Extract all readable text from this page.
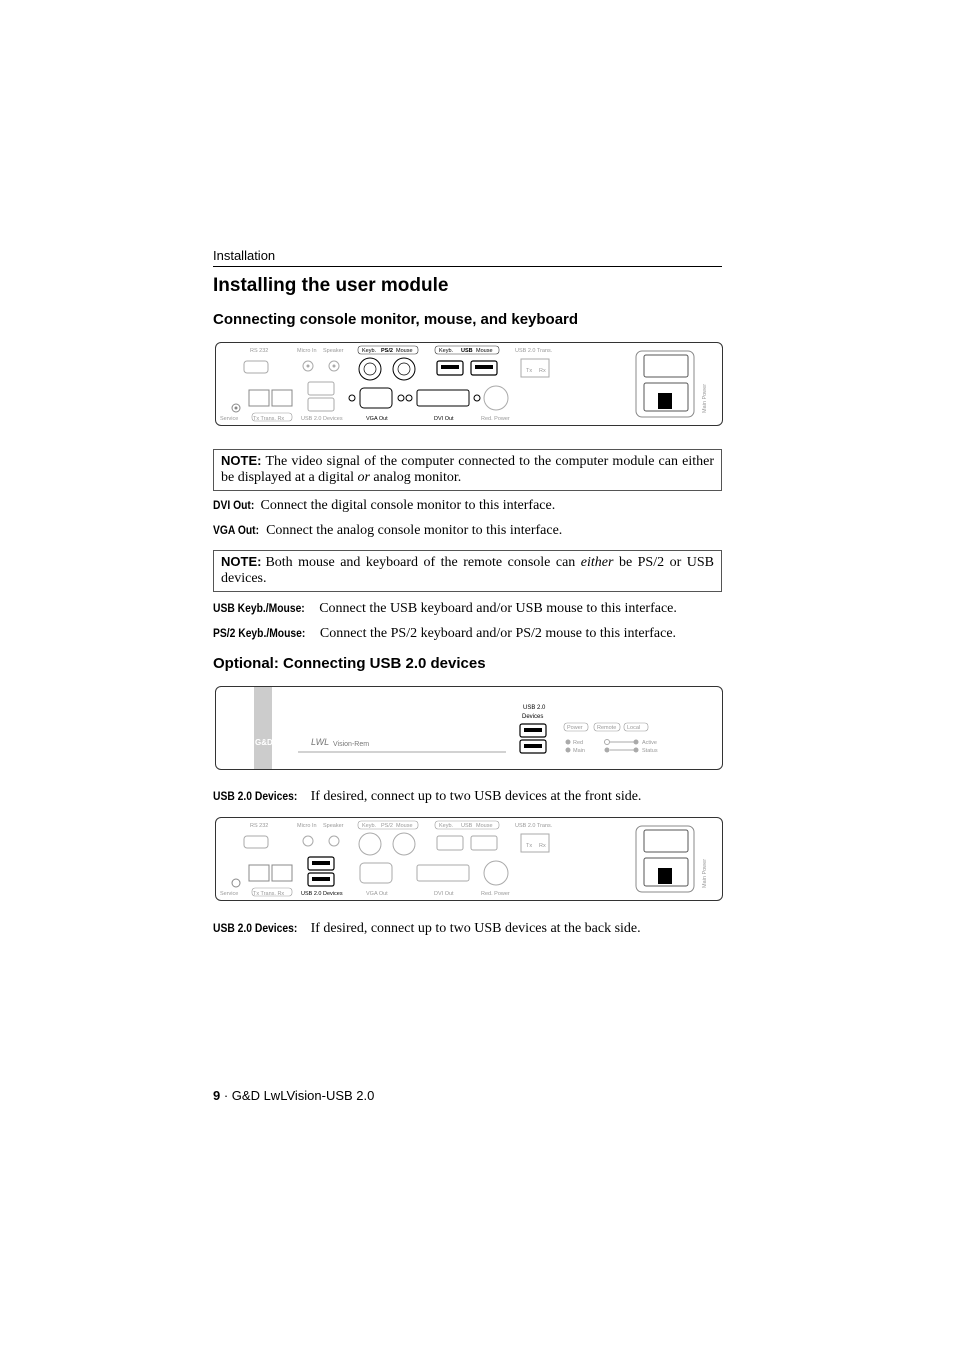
Installation
Installing the user module
Connecting console monitor, mouse, and keyboard
RS 232	Micro In Speaker	USB 2.0 Trans.
Service	Tx Trans. Rx	USB 2.0 Devices	Red. Power
Tx Rx
Keyb. PS/2 Mouse	Keyb. USB Mouse
VGA Out	DVI Out
Main Power
NOTE: The video signal of the computer connected to the computer module can either be displayed at a digital or analog monitor.
DVI Out: Connect the digital console monitor to this interface.
VGA Out: Connect the analog console monitor to this interface.
NOTE: Both mouse and keyboard of the remote console can either be PS/2 or USB devices.
USB Keyb./Mouse: Connect the USB keyboard and/or USB mouse to this interface.
PS/2 Keyb./Mouse: Connect the PS/2 keyboard and/or PS/2 mouse to this interface.
Optional: Connecting USB 2.0 devices
G&D	LWL Vision-Rem
USB 2.0
Devices
Power	Remote Local
Red
Main
Active
Status
USB 2.0 Devices: If desired, connect up to two USB devices at the front side.
RS 232	Micro In Speaker	Keyb. PS/2 Mouse	Keyb. USB Mouse	USB 2.0 Trans.
Service	Tx Trans. Rx	VGA Out	DVI Out	Red. Power
Tx Rx
USB 2.0 Devices
Main Power
USB 2.0 Devices: If desired, connect up to two USB devices at the back side.
9 · G&D LwLVision-USB 2.0
